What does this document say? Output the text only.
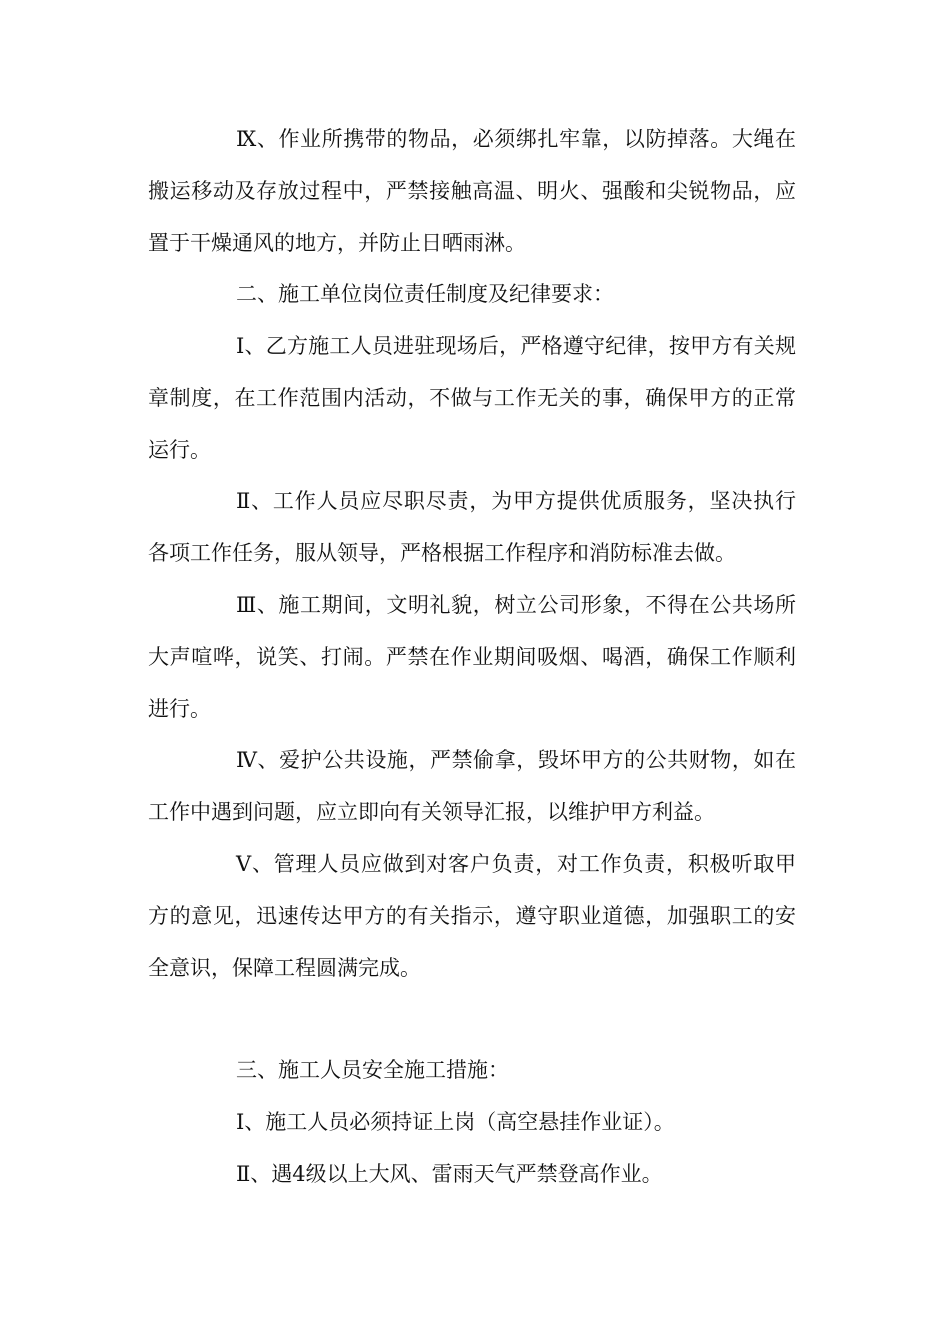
Ⅸ、作业所携带的物品，必须绑扎牢靠，以防掉落。大绳在搬运移动及存放过程中，严禁接触高温、明火、强酸和尖锐物品，应置于干燥通风的地方，并防止日晒雨淋。

二、施工单位岗位责任制度及纪律要求：

Ⅰ、乙方施工人员进驻现场后，严格遵守纪律，按甲方有关规章制度，在工作范围内活动，不做与工作无关的事，确保甲方的正常运行。

Ⅱ、工作人员应尽职尽责，为甲方提供优质服务，坚决执行各项工作任务，服从领导，严格根据工作程序和消防标准去做。

Ⅲ、施工期间，文明礼貌，树立公司形象，不得在公共场所大声喧哗，说笑、打闹。严禁在作业期间吸烟、喝酒，确保工作顺利进行。

Ⅳ、爱护公共设施，严禁偷拿，毁坏甲方的公共财物，如在工作中遇到问题，应立即向有关领导汇报，以维护甲方利益。

Ⅴ、管理人员应做到对客户负责，对工作负责，积极听取甲方的意见，迅速传达甲方的有关指示，遵守职业道德，加强职工的安全意识，保障工程圆满完成。

三、施工人员安全施工措施：

Ⅰ、施工人员必须持证上岗（高空悬挂作业证）。

Ⅱ、遇4级以上大风、雷雨天气严禁登高作业。
